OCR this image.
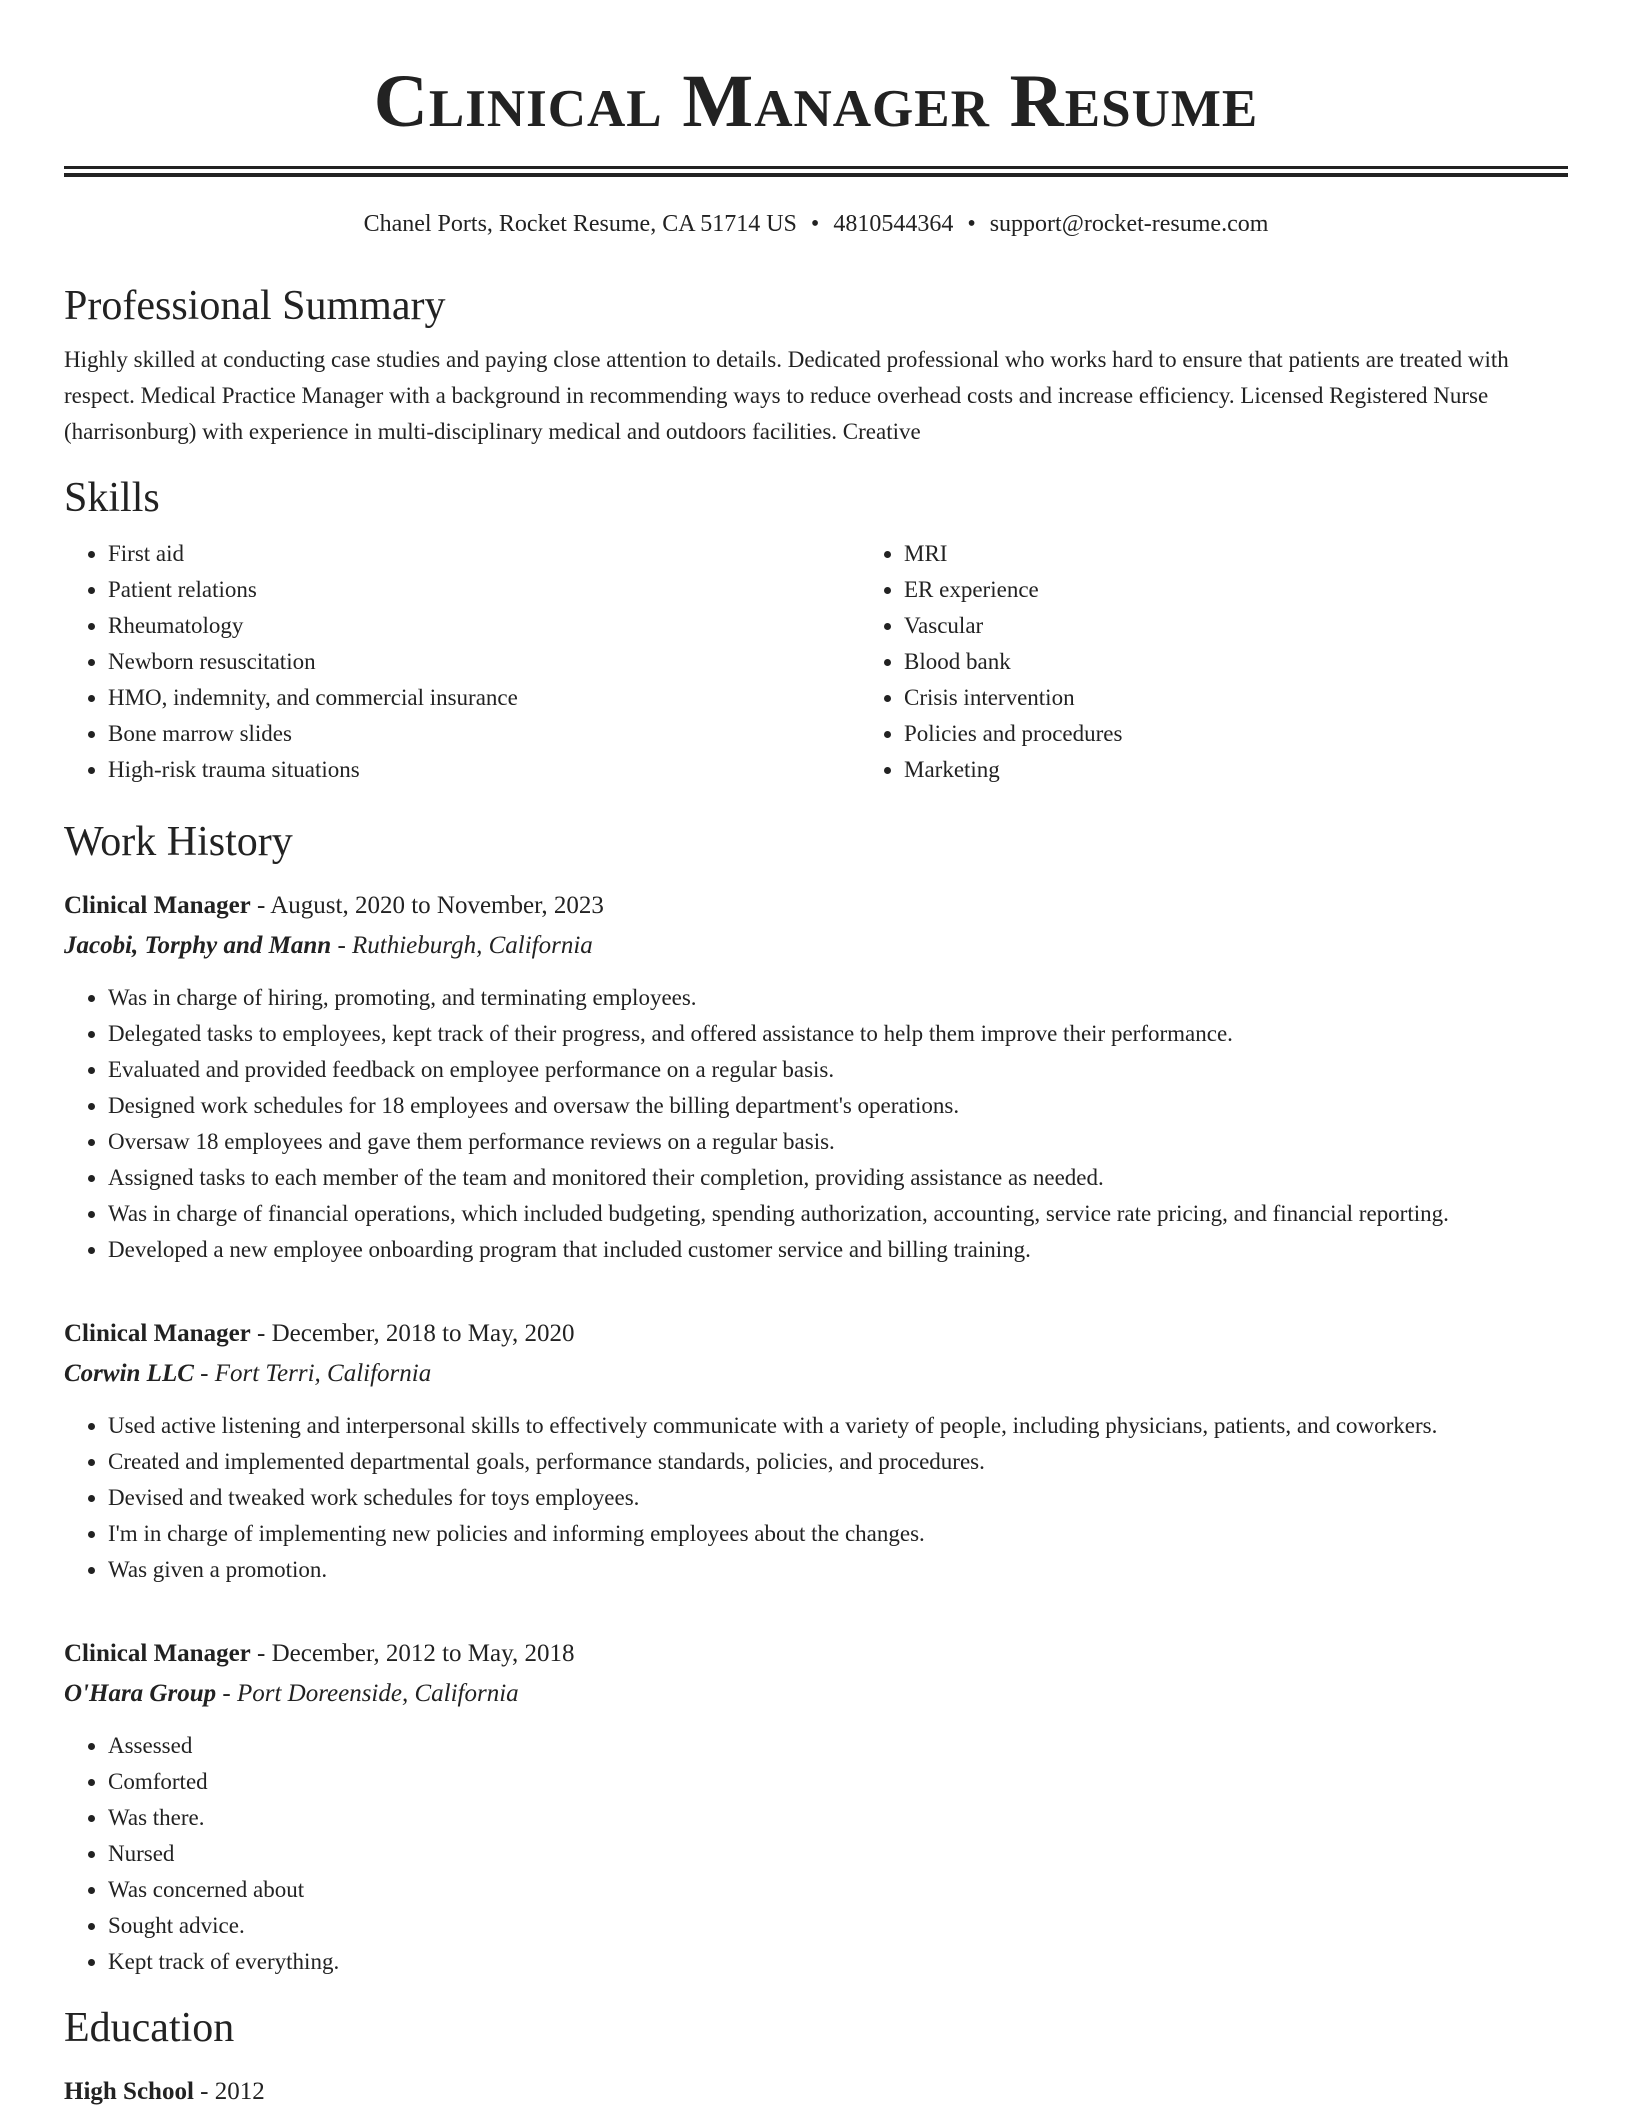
Clinical Manager Resume
Chanel Ports, Rocket Resume, CA 51714 US • 4810544364 • support@rocket-resume.com
Professional Summary

Highly skilled at conducting case studies and paying close attention to details. Dedicated professional who works hard to ensure that patients are treated with respect. Medical Practice Manager with a background in recommending ways to reduce overhead costs and increase efficiency. Licensed Registered Nurse (harrisonburg) with experience in multi-disciplinary medical and outdoors facilities. Creative

Skills
• First aid
• Patient relations
• Rheumatology
• Newborn resuscitation
• HMO, indemnity, and commercial insurance
• Bone marrow slides
• High-risk trauma situations
• MRI
• ER experience
• Vascular
• Blood bank
• Crisis intervention
• Policies and procedures
• Marketing
Work History
Clinical Manager - August, 2020 to November, 2023
Jacobi, Torphy and Mann - Ruthieburgh, California
• Was in charge of hiring, promoting, and terminating employees.
• Delegated tasks to employees, kept track of their progress, and offered assistance to help them improve their performance.
• Evaluated and provided feedback on employee performance on a regular basis.
• Designed work schedules for 18 employees and oversaw the billing department's operations.
• Oversaw 18 employees and gave them performance reviews on a regular basis.
• Assigned tasks to each member of the team and monitored their completion, providing assistance as needed.
• Was in charge of financial operations, which included budgeting, spending authorization, accounting, service rate pricing, and financial reporting.
• Developed a new employee onboarding program that included customer service and billing training.
Clinical Manager - December, 2018 to May, 2020
Corwin LLC - Fort Terri, California
• Used active listening and interpersonal skills to effectively communicate with a variety of people, including physicians, patients, and coworkers.
• Created and implemented departmental goals, performance standards, policies, and procedures.
• Devised and tweaked work schedules for toys employees.
• I'm in charge of implementing new policies and informing employees about the changes.
• Was given a promotion.
Clinical Manager - December, 2012 to May, 2018
O'Hara Group - Port Doreenside, California
• Assessed
• Comforted
• Was there.
• Nursed
• Was concerned about
• Sought advice.
• Kept track of everything.
Education
High School - 2012
